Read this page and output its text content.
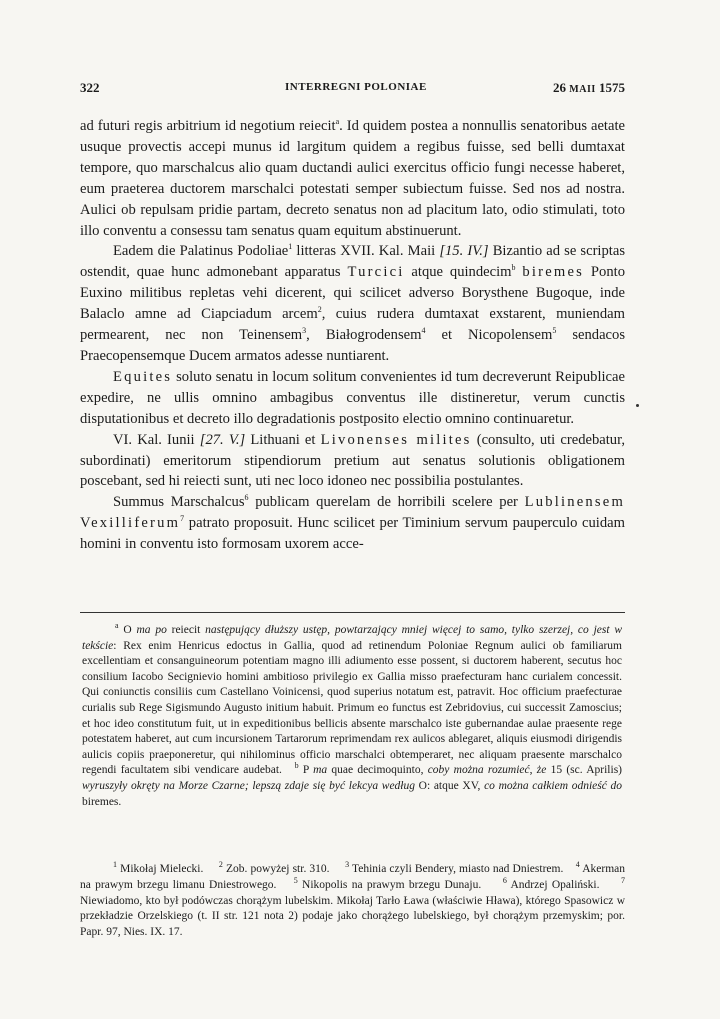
322	INTERREGNI POLONIAE	26 MAII 1575

ad futuri regis arbitrium id negotium reiecit$^a$. Id quidem postea a nonnullis senatoribus aetate usuque provectis accepi munus id largitum quidem a regibus fuisse, sed belli dumtaxat tempore, quo marschalcus alio quam ductandi aulici exercitus officio fungi necesse haberet, eum praeterea ductorem marschalci potestati semper subiectum fuisse. Sed nos ad nostra. Aulici ob repulsam pridie partam, decreto senatus non ad placitum lato, odio stimulati, toto illo conventu a consessu tam senatus quam equitum abstinuerunt.

Eadem die Palatinus Podoliae$^1$ litteras XVII. Kal. Maii [15. IV.] Bizantio ad se scriptas ostendit, quae hunc admonebant apparatus Turcici atque quindecim$^b$ biremes Ponto Euxino militibus repletas vehi dicerent, qui scilicet adverso Borysthene Bugoque, inde Balaclo amne ad Ciapciadum arcem$^2$, cuius rudera dumtaxat exstarent, muniendam permearent, nec non Teinensem$^3$, Białogrodensem$^4$ et Nicopolensem$^5$ sendacos Praecopensemque Ducem armatos adesse nuntiarent.

Equites soluto senatu in locum solitum convenientes id tum decreverunt Reipublicae expedire, ne ullis omnino ambagibus conventus ille distineretur, verum cunctis disputationibus et decreto illo degradationis postposito electio omnino continuaretur.

VI. Kal. Iunii [27. V.] Lithuani et Livonenses milites (consulto, uti credebatur, subordinati) emeritorum stipendiorum pretium aut senatus solutionis obligationem poscebant, sed hi reiecti sunt, uti nec loco idoneo nec possibilia postulantes.

Summus Marschalcus$^6$ publicam querelam de horribili scelere per Lublinensem Vexilliferum$^7$ patrato proposuit. Hunc scilicet per Timinium servum pauperculo cuidam homini in conventu isto formosam uxorem acce-

$^a$ O ma po reiecit następujący dłuższy ustęp, powtarzający mniej więcej to samo, tylko szerzej, co jest w tekście: Rex enim Henricus edoctus in Gallia, quod ad retinendum Poloniae Regnum aulici ob familiarum excellentiam et consanguineorum potentiam magno illi adiumento esse possent, si ductorem haberent, secutus hoc consilium Iacobo Secignievio homini ambitioso privilegio ex Gallia misso praefecturam hanc curialem concessit. Qui coniunctis consiliis cum Castellano Voinicensi, quod superius notatum est, patravit. Hoc officium praefecturae curialis sub Rege Sigismundo Augusto initium habuit. Primum eo functus est Zebridovius, cui successit Zamoscius; et hoc ideo constitutum fuit, ut in expeditionibus bellicis absente marschalco iste gubernandae aulae praesente rege potestatem haberet, aut cum incursionem Tartarorum reprimendam rex aulicos ablegaret, aliquis eiusmodi dirigendis aulicis copiis praeponeretur, qui nihilominus officio marschalci obtemperaret, nec aliquam praesente marschalco regendi facultatem sibi vendicare audebat. $^b$ P ma quae decimoquinto, coby można rozumieć, że 15 (sc. Aprilis) wyruszyły okręty na Morze Czarne; lepszą zdaje się być lekcya według O: atque XV, co można całkiem odnieść do biremes.

$^1$ Mikołaj Mielecki. $^2$ Zob. powyżej str. 310. $^3$ Tehinia czyli Bendery, miasto nad Dniestrem. $^4$ Akerman na prawym brzegu limanu Dniestrowego. $^5$ Nikopolis na prawym brzegu Dunaju.	$^6$ Andrzej Opaliński.	$^7$ Niewiadomo, kto był podówczas chorążym lubelskim. Mikołaj Tarło Ława (właściwie Hława), którego Spasowicz w przekładzie Orzelskiego (t. II str. 121 nota 2) podaje jako chorążego lubelskiego, był chorążym przemyskim; por. Papr. 97, Nies. IX. 17.
